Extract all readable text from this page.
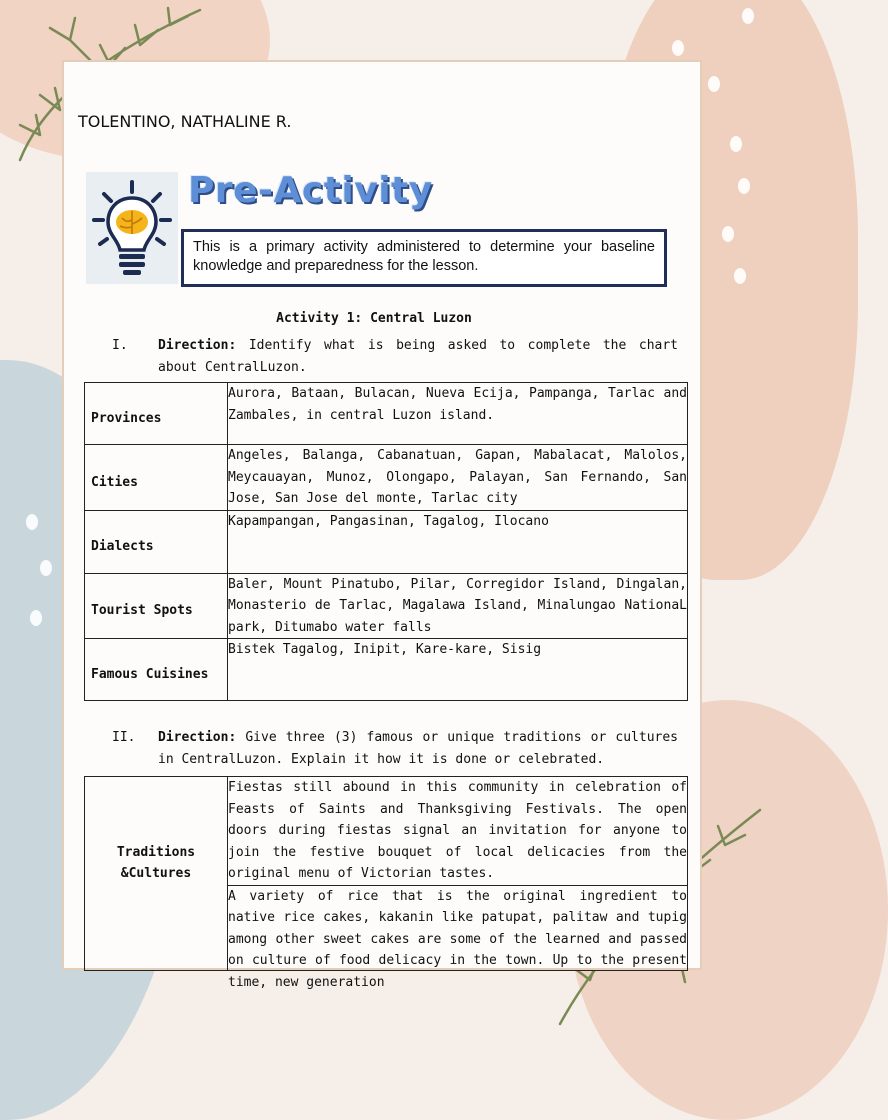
TOLENTINO, NATHALINE R.
Pre-Activity
This is a primary activity administered to determine your baseline knowledge and preparedness for the lesson.
Activity 1: Central Luzon
I. Direction: Identify what is being asked to complete the chart about CentralLuzon.
Provinces	Aurora, Bataan, Bulacan, Nueva Ecija, Pampanga, Tarlac and Zambales, in central Luzon island.
Cities	Angeles, Balanga, Cabanatuan, Gapan, Mabalacat, Malolos, Meycauayan, Munoz, Olongapo, Palayan, San Fernando, San Jose, San Jose del monte, Tarlac city
Dialects	Kapampangan, Pangasinan, Tagalog, Ilocano
Tourist Spots	Baler, Mount Pinatubo, Pilar, Corregidor Island, Dingalan, Monasterio de Tarlac, Magalawa Island, Minalungao NationaL park, Ditumabo water falls
Famous Cuisines	Bistek Tagalog, Inipit, Kare-kare, Sisig
II. Direction: Give three (3) famous or unique traditions or cultures in CentralLuzon. Explain it how it is done or celebrated.
Traditions
&Cultures	Fiestas still abound in this community in celebration of Feasts of Saints and Thanksgiving Festivals. The open doors during fiestas signal an invitation for anyone to join the festive bouquet of local delicacies from the original menu of Victorian tastes.

A variety of rice that is the original ingredient to native rice cakes, kakanin like patupat, palitaw and tupig among other sweet cakes are some of the learned and passed on culture of food delicacy in the town. Up to the present time, new generation
